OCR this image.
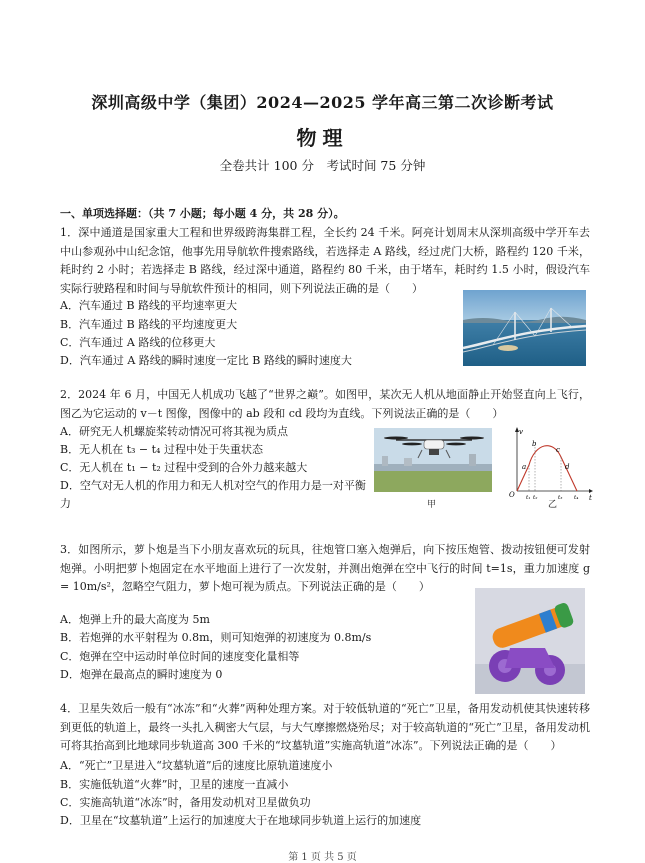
深圳高级中学（集团）2024—2025 学年高三第二次诊断考试
物理
全卷共计 100 分　考试时间 75 分钟
一、单项选择题：（共 7 小题；每小题 4 分，共 28 分）。
1．深中通道是国家重大工程和世界级跨海集群工程，全长约 24 千米。阿亮计划周末从深圳高级中学开车去中山参观孙中山纪念馆，他事先用导航软件搜索路线，若选择走 A 路线，经过虎门大桥，路程约 120 千米，耗时约 2 小时；若选择走 B 路线，经过深中通道，路程约 80 千米，由于堵车，耗时约 1.5 小时，假设汽车实际行驶路程和时间与导航软件预计的相同，则下列说法正确的是（　　）
A．汽车通过 B 路线的平均速率更大
B．汽车通过 B 路线的平均速度更大
C．汽车通过 A 路线的位移更大
D．汽车通过 A 路线的瞬时速度一定比 B 路线的瞬时速度大
2．2024 年 6 月，中国无人机成功飞越了“世界之巅”。如图甲，某次无人机从地面静止开始竖直向上飞行，图乙为它运动的 v－t 图像，图像中的 ab 段和 cd 段均为直线。下列说法正确的是（　　）
A．研究无人机螺旋桨转动情况可将其视为质点
B．无人机在 t₃ − t₄ 过程中处于失重状态
C．无人机在 t₁ − t₂ 过程中受到的合外力越来越大
D．空气对无人机的作用力和无人机对空气的作用力是一对平衡力	甲
v
O	t
a
b
c
d
t₁ t₂	t₃ t₄
乙
3．如图所示，萝卜炮是当下小朋友喜欢玩的玩具，往炮管口塞入炮弹后，向下按压炮管、拨动按钮便可发射炮弹。小明把萝卜炮固定在水平地面上进行了一次发射，并测出炮弹在空中飞行的时间 t=1s，重力加速度 g = 10m/s²，忽略空气阻力，萝卜炮可视为质点。下列说法正确的是（　　）
A．炮弹上升的最大高度为 5m
B．若炮弹的水平射程为 0.8m，则可知炮弹的初速度为 0.8m/s
C．炮弹在空中运动时单位时间的速度变化量相等
D．炮弹在最高点的瞬时速度为 0
4．卫星失效后一般有“冰冻”和“火葬”两种处理方案。对于较低轨道的“死亡”卫星，备用发动机使其快速转移到更低的轨道上，最终一头扎入稠密大气层，与大气摩擦燃烧殆尽；对于较高轨道的“死亡”卫星，备用发动机可将其抬高到比地球同步轨道高 300 千米的“坟墓轨道”实施高轨道“冰冻”。下列说法正确的是（　　）
A．“死亡”卫星进入“坟墓轨道”后的速度比原轨道速度小
B．实施低轨道“火葬”时，卫星的速度一直减小
C．实施高轨道“冰冻”时，备用发动机对卫星做负功
D．卫星在“坟墓轨道”上运行的加速度大于在地球同步轨道上运行的加速度
第 1 页 共 5 页
